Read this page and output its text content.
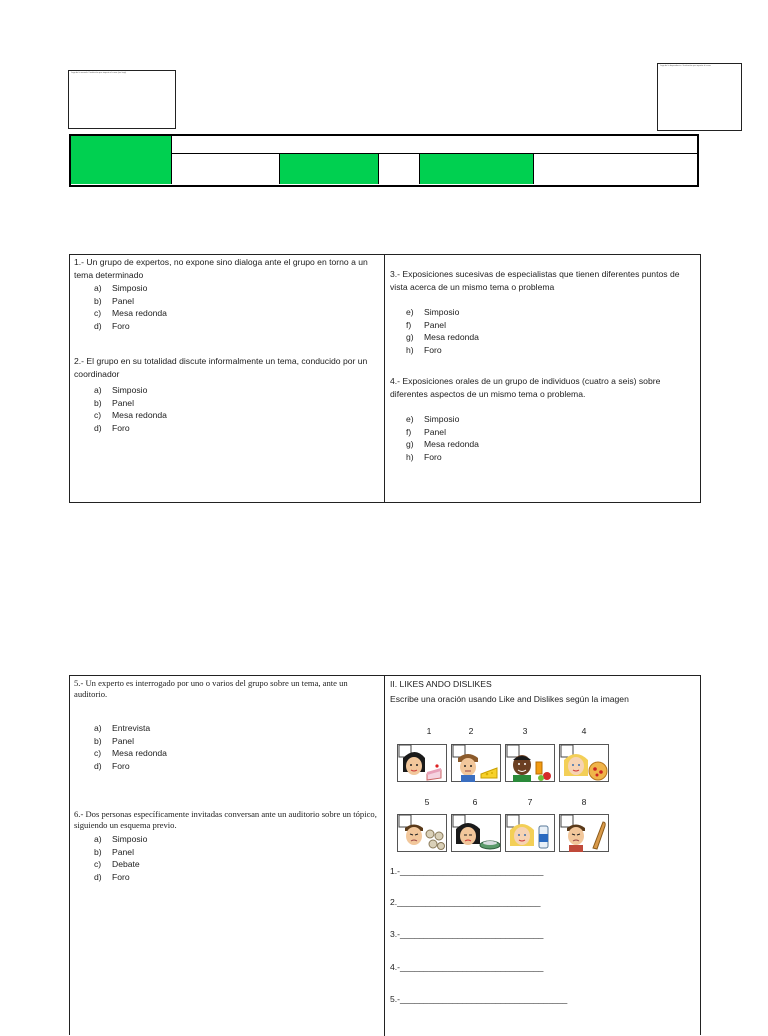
Logo de la escuela / Institución que imparte el curso (ver hoja)
Logo de la dependencia / Institución que imparte el curso
1.- Un grupo de expertos, no expone sino dialoga ante el grupo en torno a un tema determinado
a)	Simposio
b)	Panel
c)	Mesa redonda
d)	Foro
2.- El grupo en su totalidad discute informalmente un tema, conducido por un coordinador
a)	Simposio
b)	Panel
c)	Mesa redonda
d)	Foro
3.- Exposiciones sucesivas de especialistas que tienen diferentes puntos de vista acerca de un mismo tema o problema
e)	Simposio
f)	Panel
g)	Mesa redonda
h)	Foro
4.- Exposiciones orales de un grupo de individuos (cuatro a seis) sobre diferentes aspectos de un mismo tema o problema.
e)	Simposio
f)	Panel
g)	Mesa redonda
h)	Foro
5.- Un experto es interrogado por uno o varios del grupo sobre un tema, ante un auditorio.
a)	Entrevista
b)	Panel
c)	Mesa redonda
d)	Foro
6.- Dos personas específicamente invitadas conversan ante un auditorio sobre un tópico, siguiendo un esquema previo.
a)	Simposio
b)	Panel
c)	Debate
d)	Foro
II. LIKES ANDO DISLIKES
Escribe una oración usando Like and Dislikes según la imagen
1	2	3	4
5	6	7	8
1.-______________________________
2.______________________________
3.-______________________________
4.-______________________________
5.-___________________________________
